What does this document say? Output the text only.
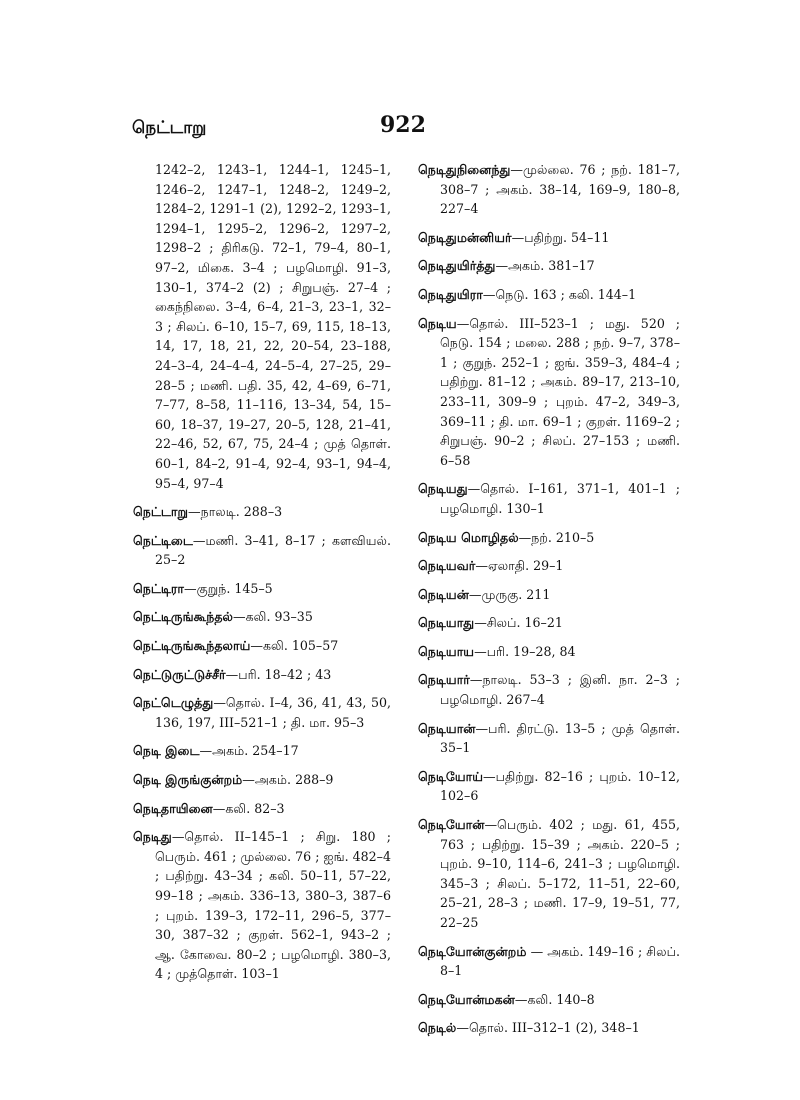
நெட்டாறு	922

1242–2, 1243–1, 1244–1, 1245–1, 1246–2, 1247–1, 1248–2, 1249–2, 1284–2, 1291–1 (2), 1292–2, 1293–1, 1294–1, 1295–2, 1296–2, 1297–2, 1298–2 ; திரிகடு. 72–1, 79–4, 80–1, 97–2, மிகை. 3–4 ; பழமொழி. 91–3, 130–1, 374–2 (2) ; சிறுபஞ். 27–4 ; கைந்நிலை. 3–4, 6–4, 21–3, 23–1, 32–3 ; சிலப். 6–10, 15–7, 69, 115, 18–13, 14, 17, 18, 21, 22, 20–54, 23–188, 24–3–4, 24–4–4, 24–5–4, 27–25, 29–28–5 ; மணி. பதி. 35, 42, 4–69, 6–71, 7–77, 8–58, 11–116, 13–34, 54, 15–60, 18–37, 19–27, 20–5, 128, 21–41, 22–46, 52, 67, 75, 24–4 ; முத் தொள். 60–1, 84–2, 91–4, 92–4, 93–1, 94–4, 95–4, 97–4

நெட்டாறு—நாலடி. 288–3

நெட்டிடை—மணி. 3–41, 8–17 ; களவியல். 25–2

நெட்டிரா—குறுந். 145–5

நெட்டிருங்கூந்தல்—கலி. 93–35

நெட்டிருங்கூந்தலாய்—கலி. 105–57

நெட்டுருட்டுச்சீர்—பரி. 18–42 ; 43

நெட்டெழுத்து—தொல். I–4, 36, 41, 43, 50, 136, 197, III–521–1 ; தி. மா. 95–3

நெடி இடை—அகம். 254–17

நெடி இருங்குன்றம்—அகம். 288–9

நெடிதாயினை—கலி. 82–3

நெடிது—தொல். II–145–1 ; சிறு. 180 ; பெரும். 461 ; முல்லை. 76 ; ஐங். 482–4 ; பதிற்று. 43–34 ; கலி. 50–11, 57–22, 99–18 ; அகம். 336–13, 380–3, 387–6 ; புறம். 139–3, 172–11, 296–5, 377–30, 387–32 ; குறள். 562–1, 943–2 ; ஆ. கோவை. 80–2 ; பழமொழி. 380–3, 4 ; முத்தொள். 103–1

நெடிதுநினைந்து—முல்லை. 76 ; நற். 181–7, 308–7 ; அகம். 38–14, 169–9, 180–8, 227–4

நெடிதுமன்னியர்—பதிற்று. 54–11

நெடிதுயிர்த்து—அகம். 381–17

நெடிதுயிரா—நெடு. 163 ; கலி. 144–1

நெடிய—தொல். III–523–1 ; மது. 520 ; நெடு. 154 ; மலை. 288 ; நற். 9–7, 378–1 ; குறுந். 252–1 ; ஐங். 359–3, 484–4 ; பதிற்று. 81–12 ; அகம். 89–17, 213–10, 233–11, 309–9 ; புறம். 47–2, 349–3, 369–11 ; தி. மா. 69–1 ; குறள். 1169–2 ; சிறுபஞ். 90–2 ; சிலப். 27–153 ; மணி. 6–58

நெடியது—தொல். I–161, 371–1, 401–1 ; பழமொழி. 130–1

நெடிய மொழிதல்—நற். 210–5

நெடியவர்—ஏலாதி. 29–1

நெடியன்—முருகு. 211

நெடியாது—சிலப். 16–21

நெடியாய—பரி. 19–28, 84

நெடியார்—நாலடி. 53–3 ; இனி. நா. 2–3 ; பழமொழி. 267–4

நெடியான்—பரி. திரட்டு. 13–5 ; முத் தொள். 35–1

நெடியோய்—பதிற்று. 82–16 ; புறம். 10–12, 102–6

நெடியோன்—பெரும். 402 ; மது. 61, 455, 763 ; பதிற்று. 15–39 ; அகம். 220–5 ; புறம். 9–10, 114–6, 241–3 ; பழமொழி. 345–3 ; சிலப். 5–172, 11–51, 22–60, 25–21, 28–3 ; மணி. 17–9, 19–51, 77, 22–25

நெடியோன்குன்றம் — அகம். 149–16 ; சிலப். 8–1

நெடியோன்மகன்—கலி. 140–8

நெடில்—தொல். III–312–1 (2), 348–1
